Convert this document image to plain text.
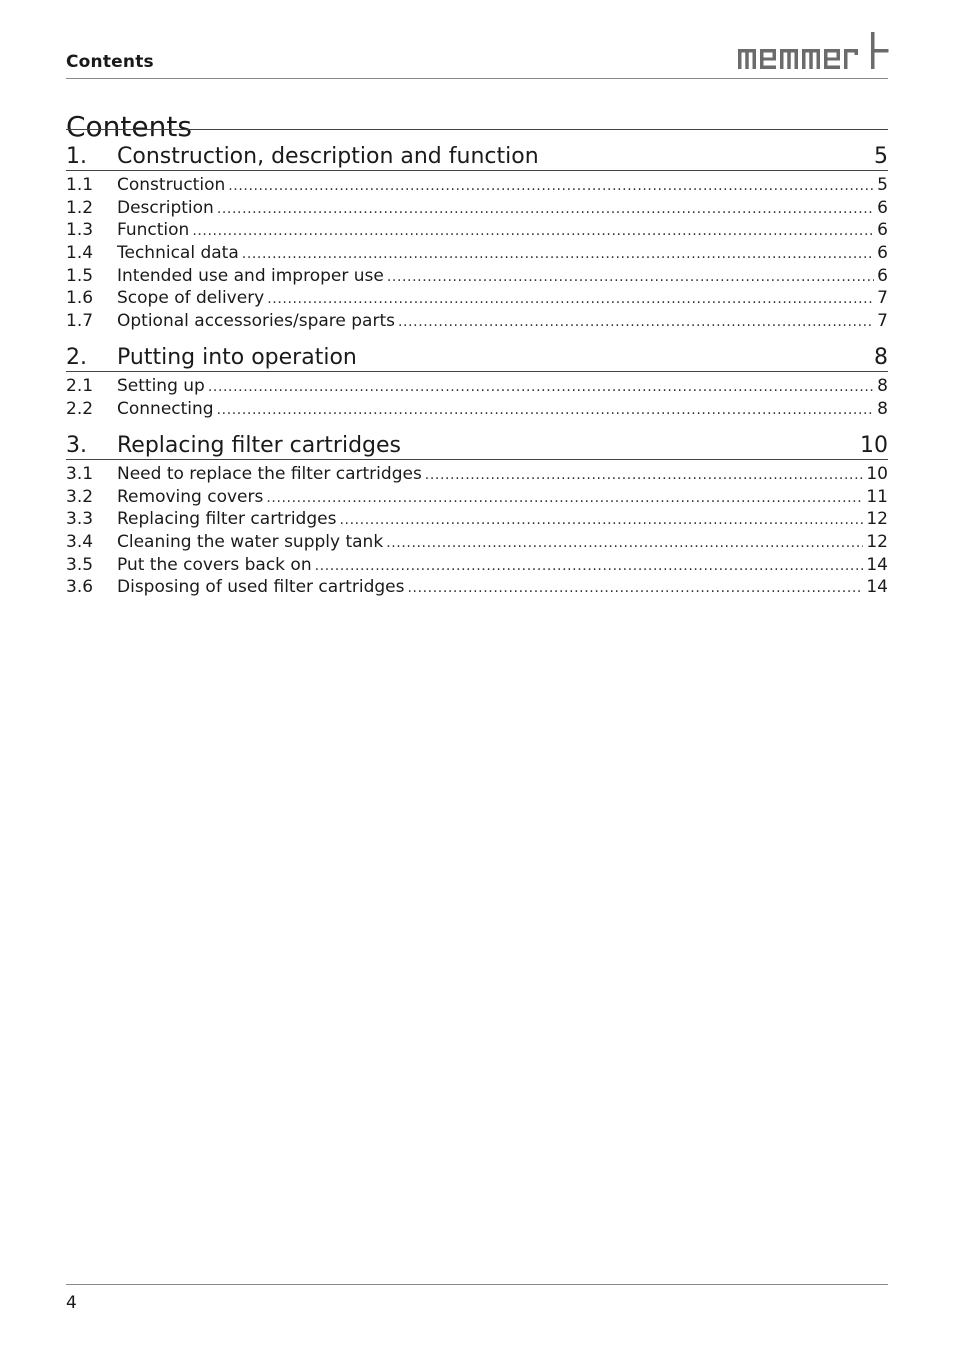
Contents
Contents
1.	Construction, description and function	5
1.1	Construction .....	5
1.2	Description .....	6
1.3	Function .....	6
1.4	Technical data .....	6
1.5	Intended use and improper use .....	6
1.6	Scope of delivery .....	7
1.7	Optional accessories/spare parts .....	7
2.	Putting into operation	8
2.1	Setting up .....	8
2.2	Connecting .....	8
3.	Replacing filter cartridges	10
3.1	Need to replace the filter cartridges .....	10
3.2	Removing covers .....	11
3.3	Replacing filter cartridges .....	12
3.4	Cleaning the water supply tank .....	12
3.5	Put the covers back on .....	14
3.6	Disposing of used filter cartridges .....	14
4
